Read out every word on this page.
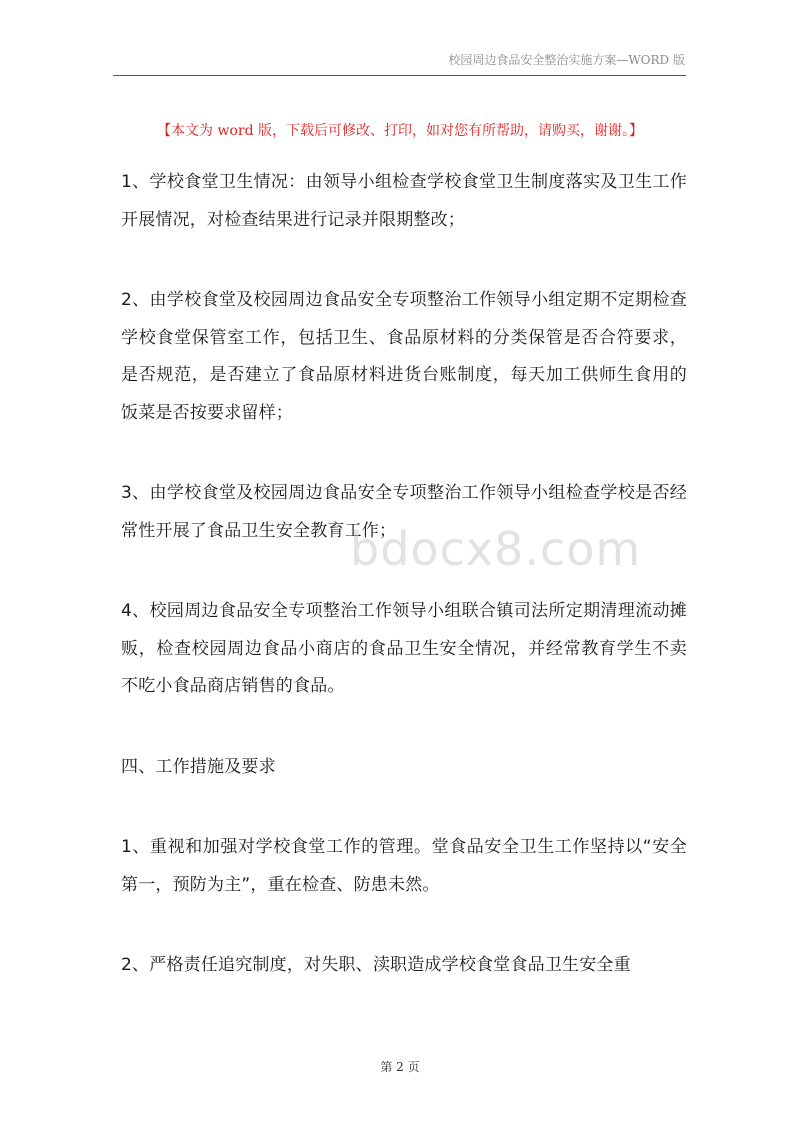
校园周边食品安全整治实施方案—WORD 版
【本文为 word 版，下载后可修改、打印，如对您有所帮助，请购买，谢谢。】
bdocx8.com

1、学校食堂卫生情况：由领导小组检查学校食堂卫生制度落实及卫生工作开展情况，对检查结果进行记录并限期整改；

2、由学校食堂及校园周边食品安全专项整治工作领导小组定期不定期检查学校食堂保管室工作，包括卫生、食品原材料的分类保管是否合符要求，是否规范，是否建立了食品原材料进货台账制度，每天加工供师生食用的饭菜是否按要求留样；

3、由学校食堂及校园周边食品安全专项整治工作领导小组检查学校是否经常性开展了食品卫生安全教育工作；

4、校园周边食品安全专项整治工作领导小组联合镇司法所定期清理流动摊贩，检查校园周边食品小商店的食品卫生安全情况，并经常教育学生不卖不吃小食品商店销售的食品。

四、工作措施及要求

1、重视和加强对学校食堂工作的管理。堂食品安全卫生工作坚持以“安全第一，预防为主”，重在检查、防患未然。

2、严格责任追究制度，对失职、渎职造成学校食堂食品卫生安全重

第 2 页
